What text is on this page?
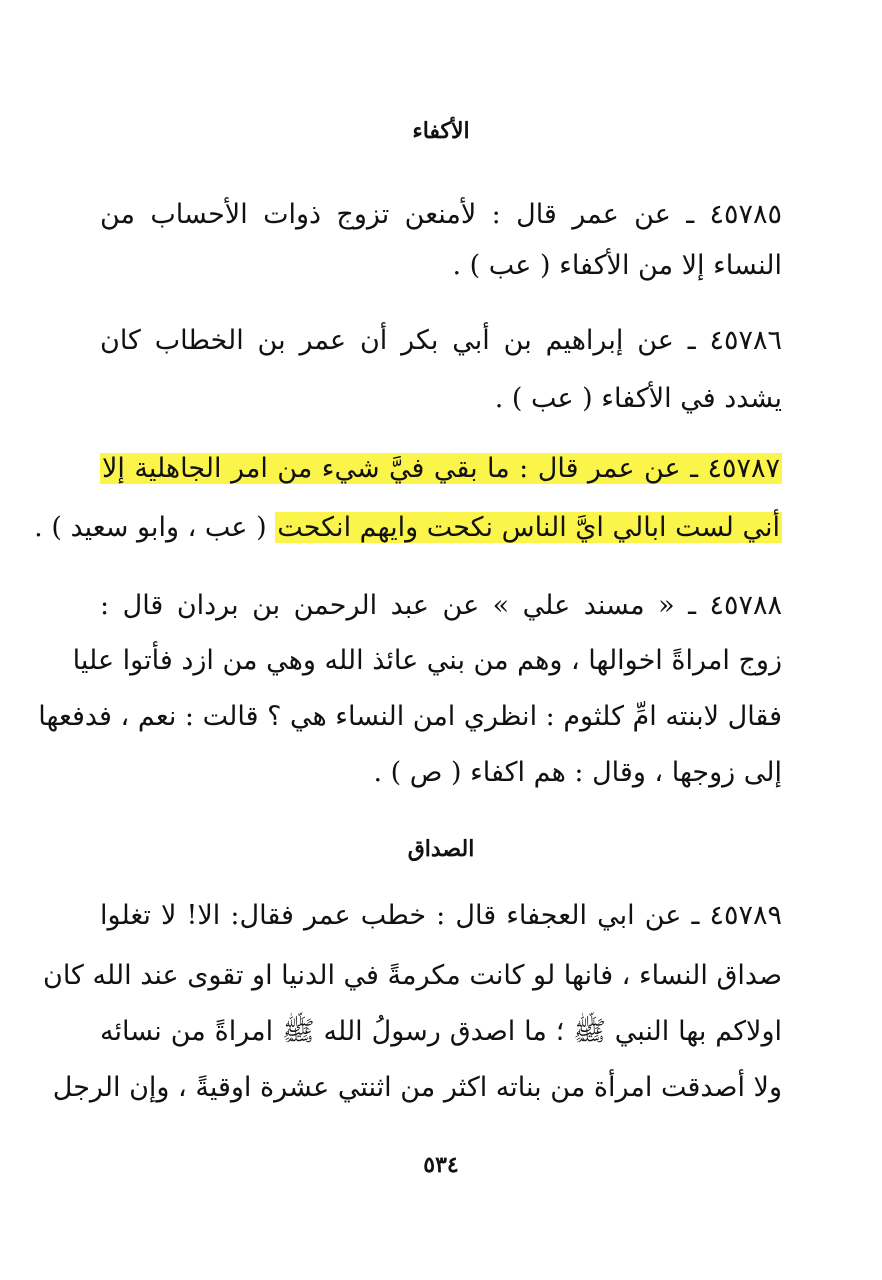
الأكفاء
٤٥٧٨٥ ـ عن عمر قال : لأمنعن تزوج ذوات الأحساب من
النساء إلا من الأكفاء ( عب ) .
٤٥٧٨٦ ـ عن إبراهيم بن أبي بكر أن عمر بن الخطاب كان
يشدد في الأكفاء ( عب ) .
٤٥٧٨٧ ـ عن عمر قال : ما بقي فيَّ شيء من امر الجاهلية إلا
أني لست ابالي ايَّ الناس نكحت وايهم انكحت ( عب ، وابو سعيد ) .
٤٥٧٨٨ ـ « مسند علي » عن عبد الرحمن بن بردان قال :
زوج امراةً اخوالها ، وهم من بني عائذ الله وهي من ازد فأتوا عليا
فقال لابنته امِّ كلثوم : انظري امن النساء هي ؟ قالت : نعم ، فدفعها
إلى زوجها ، وقال : هم اكفاء ( ص ) .
الصداق
٤٥٧٨٩ ـ عن ابي العجفاء قال : خطب عمر فقال: الا! لا تغلوا
صداق النساء ، فانها لو كانت مكرمةً في الدنيا او تقوى عند الله كان
اولاكم بها النبي ﷺ ؛ ما اصدق رسولُ الله ﷺ امراةً من نسائه
ولا أصدقت امرأة من بناته اكثر من اثنتي عشرة اوقيةً ، وإن الرجل
٥٣٤
